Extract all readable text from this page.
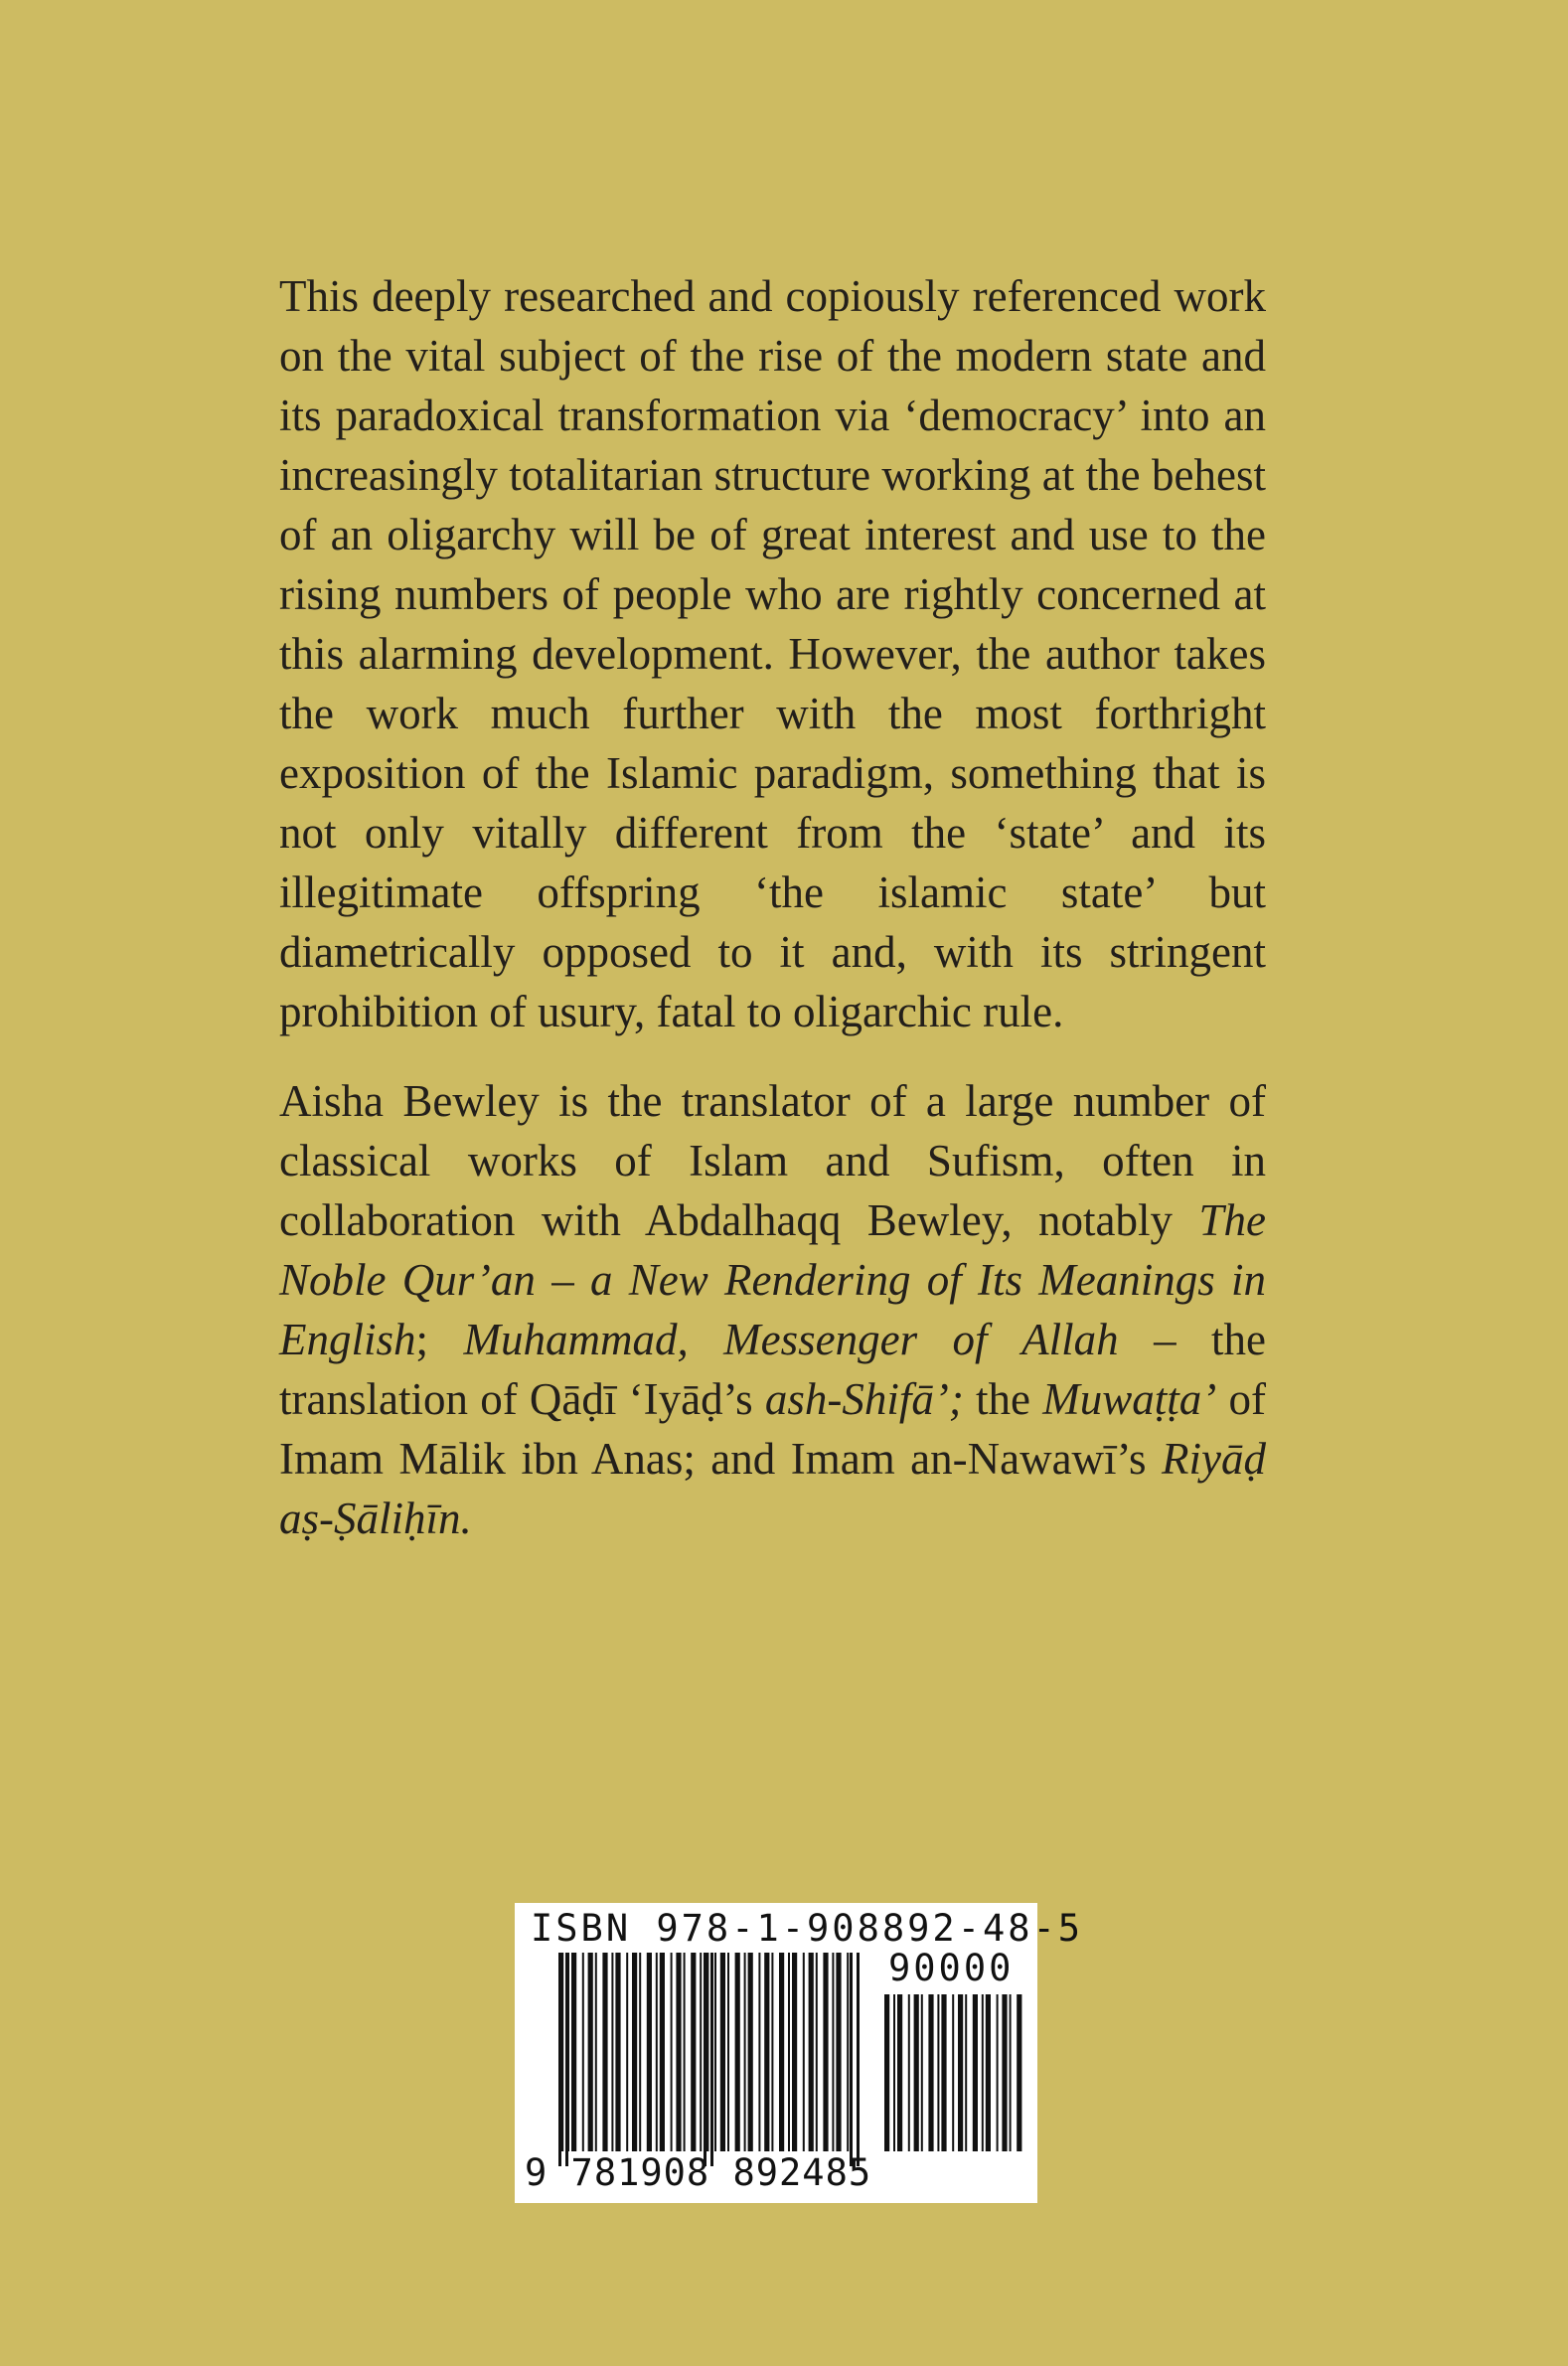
This deeply researched and copiously referenced work on the vital subject of the rise of the modern state and its paradoxical transformation via ‘democracy’ into an increasingly totalitarian structure working at the behest of an oligarchy will be of great interest and use to the rising numbers of people who are rightly concerned at this alarming development. However, the author takes the work much further with the most forthright exposition of the Islamic paradigm, something that is not only vitally different from the ‘state’ and its illegitimate offspring ‘the islamic state’ but diametrically opposed to it and, with its stringent prohibition of usury, fatal to oligarchic rule.

Aisha Bewley is the translator of a large number of classical works of Islam and Sufism, often in collaboration with Abdalhaqq Bewley, notably The Noble Qur’an – a New Rendering of Its Meanings in English; Muhammad, Messenger of Allah – the translation of Qāḍī ‘Iyāḍ’s ash-Shifā’; the Muwaṭṭa’ of Imam Mālik ibn Anas; and Imam an-Nawawī’s Riyāḍ aṣ-Ṣāliḥīn.

ISBN 978-1-908892-48-5
90000
9 781908 892485
